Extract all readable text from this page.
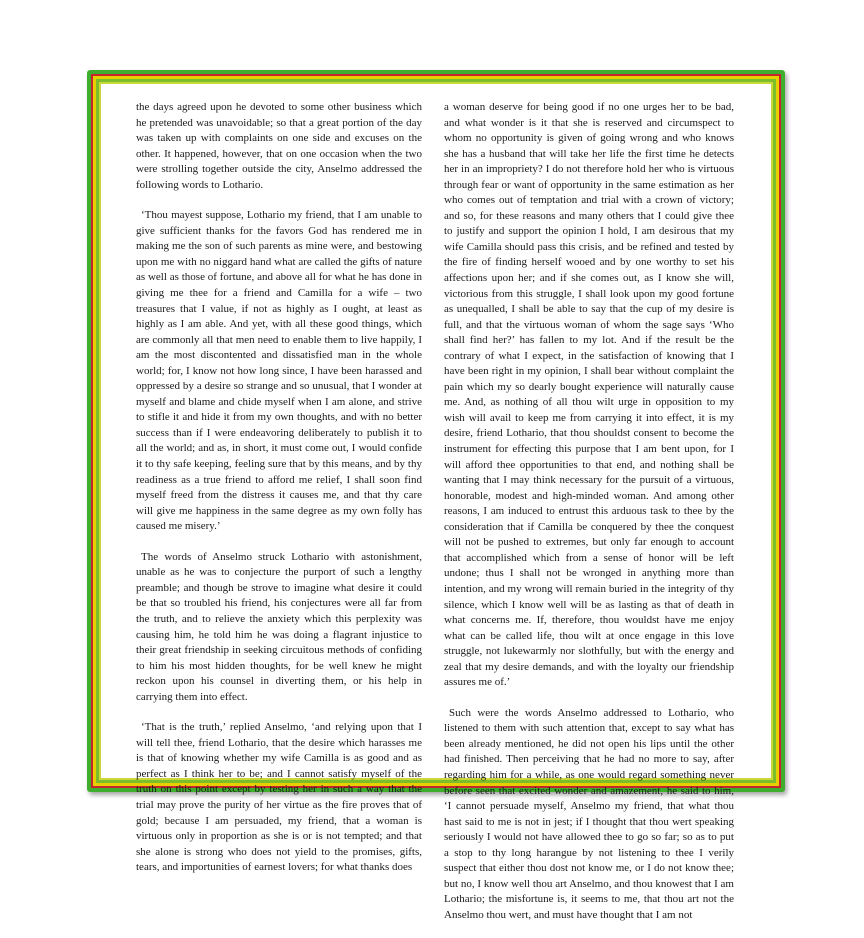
the days agreed upon he devoted to some other business which he pretended was unavoidable; so that a great portion of the day was taken up with complaints on one side and excuses on the other. It happened, however, that on one occasion when the two were strolling together outside the city, Anselmo addressed the following words to Lothario.

‘Thou mayest suppose, Lothario my friend, that I am unable to give sufficient thanks for the favors God has rendered me in making me the son of such parents as mine were, and bestowing upon me with no niggard hand what are called the gifts of nature as well as those of fortune, and above all for what he has done in giving me thee for a friend and Camilla for a wife – two treasures that I value, if not as highly as I ought, at least as highly as I am able. And yet, with all these good things, which are commonly all that men need to enable them to live happily, I am the most discontented and dissatisfied man in the whole world; for, I know not how long since, I have been harassed and oppressed by a desire so strange and so unusual, that I wonder at myself and blame and chide myself when I am alone, and strive to stifle it and hide it from my own thoughts, and with no better success than if I were endeavoring deliberately to publish it to all the world; and as, in short, it must come out, I would confide it to thy safe keeping, feeling sure that by this means, and by thy readiness as a true friend to afford me relief, I shall soon find myself freed from the distress it causes me, and that thy care will give me happiness in the same degree as my own folly has caused me misery.’

The words of Anselmo struck Lothario with astonishment, unable as he was to conjecture the purport of such a lengthy preamble; and though be strove to imagine what desire it could be that so troubled his friend, his conjectures were all far from the truth, and to relieve the anxiety which this perplexity was causing him, he told him he was doing a flagrant injustice to their great friendship in seeking circuitous methods of confiding to him his most hidden thoughts, for be well knew he might reckon upon his counsel in diverting them, or his help in carrying them into effect.

‘That is the truth,’ replied Anselmo, ‘and relying upon that I will tell thee, friend Lothario, that the desire which harasses me is that of knowing whether my wife Camilla is as good and as perfect as I think her to be; and I cannot satisfy myself of the truth on this point except by testing her in such a way that the trial may prove the purity of her virtue as the fire proves that of gold; because I am persuaded, my friend, that a woman is virtuous only in proportion as she is or is not tempted; and that she alone is strong who does not yield to the promises, gifts, tears, and importunities of earnest lovers; for what thanks does

a woman deserve for being good if no one urges her to be bad, and what wonder is it that she is reserved and circumspect to whom no opportunity is given of going wrong and who knows she has a husband that will take her life the first time he detects her in an impropriety? I do not therefore hold her who is virtuous through fear or want of opportunity in the same estimation as her who comes out of temptation and trial with a crown of victory; and so, for these reasons and many others that I could give thee to justify and support the opinion I hold, I am desirous that my wife Camilla should pass this crisis, and be refined and tested by the fire of finding herself wooed and by one worthy to set his affections upon her; and if she comes out, as I know she will, victorious from this struggle, I shall look upon my good fortune as unequalled, I shall be able to say that the cup of my desire is full, and that the virtuous woman of whom the sage says ‘Who shall find her?’ has fallen to my lot. And if the result be the contrary of what I expect, in the satisfaction of knowing that I have been right in my opinion, I shall bear without complaint the pain which my so dearly bought experience will naturally cause me. And, as nothing of all thou wilt urge in opposition to my wish will avail to keep me from carrying it into effect, it is my desire, friend Lothario, that thou shouldst consent to become the instrument for effecting this purpose that I am bent upon, for I will afford thee opportunities to that end, and nothing shall be wanting that I may think necessary for the pursuit of a virtuous, honorable, modest and high-minded woman. And among other reasons, I am induced to entrust this arduous task to thee by the consideration that if Camilla be conquered by thee the conquest will not be pushed to extremes, but only far enough to account that accomplished which from a sense of honor will be left undone; thus I shall not be wronged in anything more than intention, and my wrong will remain buried in the integrity of thy silence, which I know well will be as lasting as that of death in what concerns me. If, therefore, thou wouldst have me enjoy what can be called life, thou wilt at once engage in this love struggle, not lukewarmly nor slothfully, but with the energy and zeal that my desire demands, and with the loyalty our friendship assures me of.’

Such were the words Anselmo addressed to Lothario, who listened to them with such attention that, except to say what has been already mentioned, he did not open his lips until the other had finished. Then perceiving that he had no more to say, after regarding him for a while, as one would regard something never before seen that excited wonder and amazement, he said to him, ‘I cannot persuade myself, Anselmo my friend, that what thou hast said to me is not in jest; if I thought that thou wert speaking seriously I would not have allowed thee to go so far; so as to put a stop to thy long harangue by not listening to thee I verily suspect that either thou dost not know me, or I do not know thee; but no, I know well thou art Anselmo, and thou knowest that I am Lothario; the misfortune is, it seems to me, that thou art not the Anselmo thou wert, and must have thought that I am not
